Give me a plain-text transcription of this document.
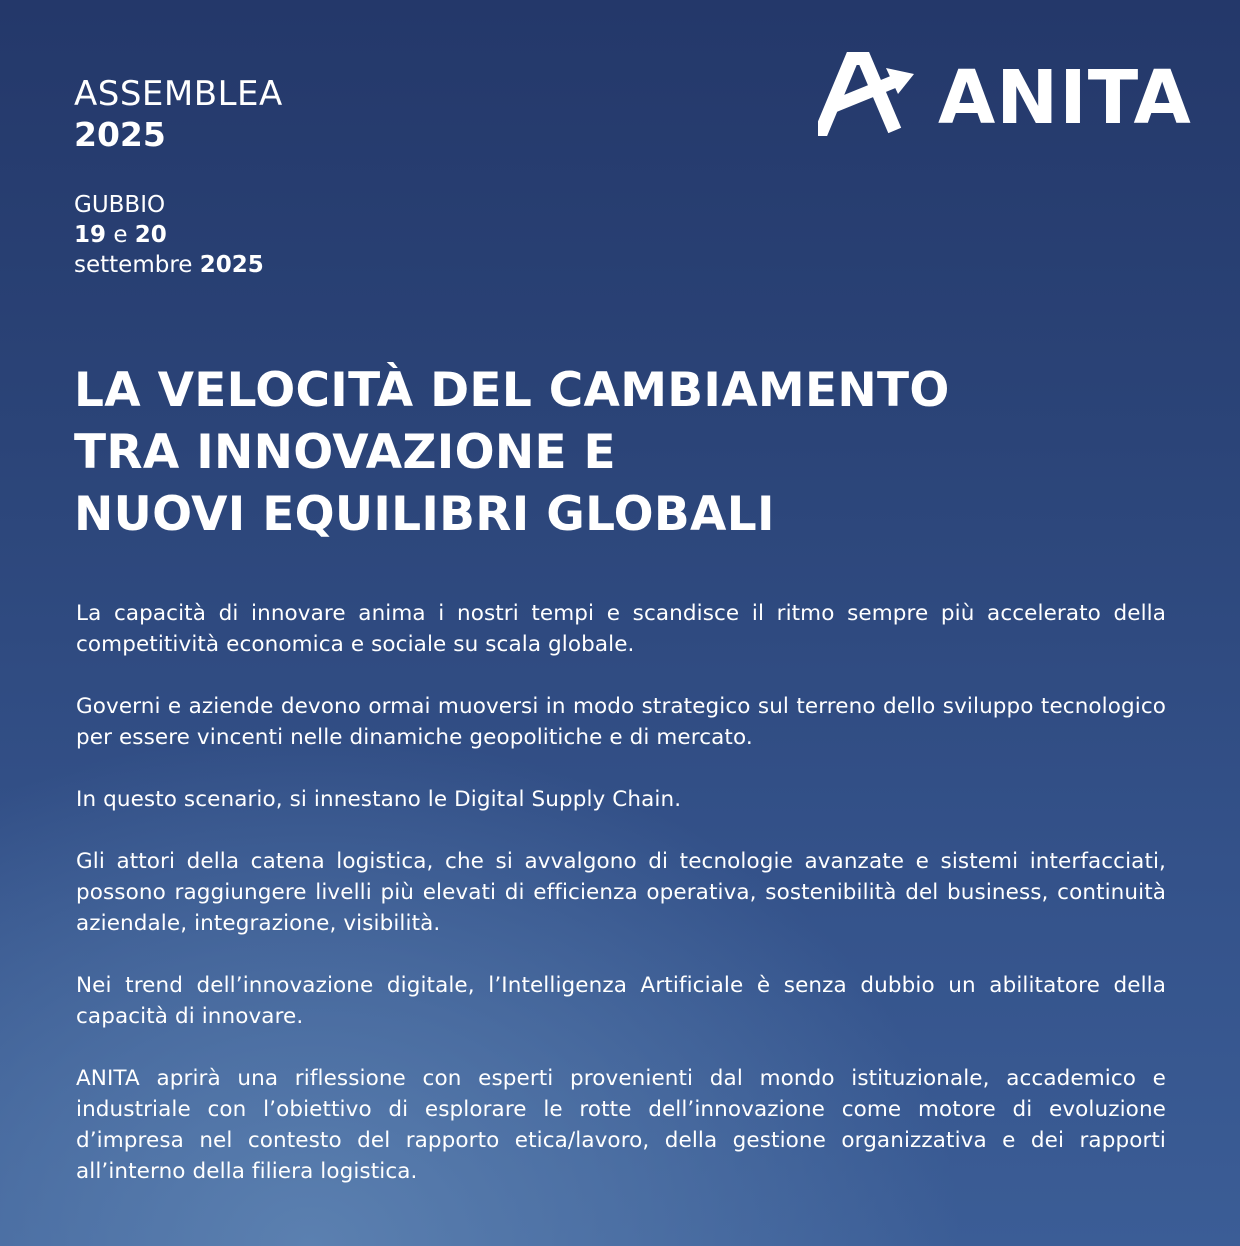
ASSEMBLEA
2025
GUBBIO
19 e 20
settembre 2025
ANITA
LA VELOCITÀ DEL CAMBIAMENTO
TRA INNOVAZIONE E
NUOVI EQUILIBRI GLOBALI

La capacità di innovare anima i nostri tempi e scandisce il ritmo sempre più accelerato della competitività economica e sociale su scala globale.

Governi e aziende devono ormai muoversi in modo strategico sul terreno dello sviluppo tecnologico per essere vincenti nelle dinamiche geopolitiche e di mercato.

In questo scenario, si innestano le Digital Supply Chain.

Gli attori della catena logistica, che si avvalgono di tecnologie avanzate e sistemi interfacciati, possono raggiungere livelli più elevati di efficienza operativa, sostenibilità del business, continuità aziendale, integrazione, visibilità.

Nei trend dell’innovazione digitale, l’Intelligenza Artificiale è senza dubbio un abilitatore della capacità di innovare.

ANITA aprirà una riflessione con esperti provenienti dal mondo istituzionale, accademico e industriale con l’obiettivo di esplorare le rotte dell’innovazione come motore di evoluzione d’impresa nel contesto del rapporto etica/lavoro, della gestione organizzativa e dei rapporti all’interno della filiera logistica.
